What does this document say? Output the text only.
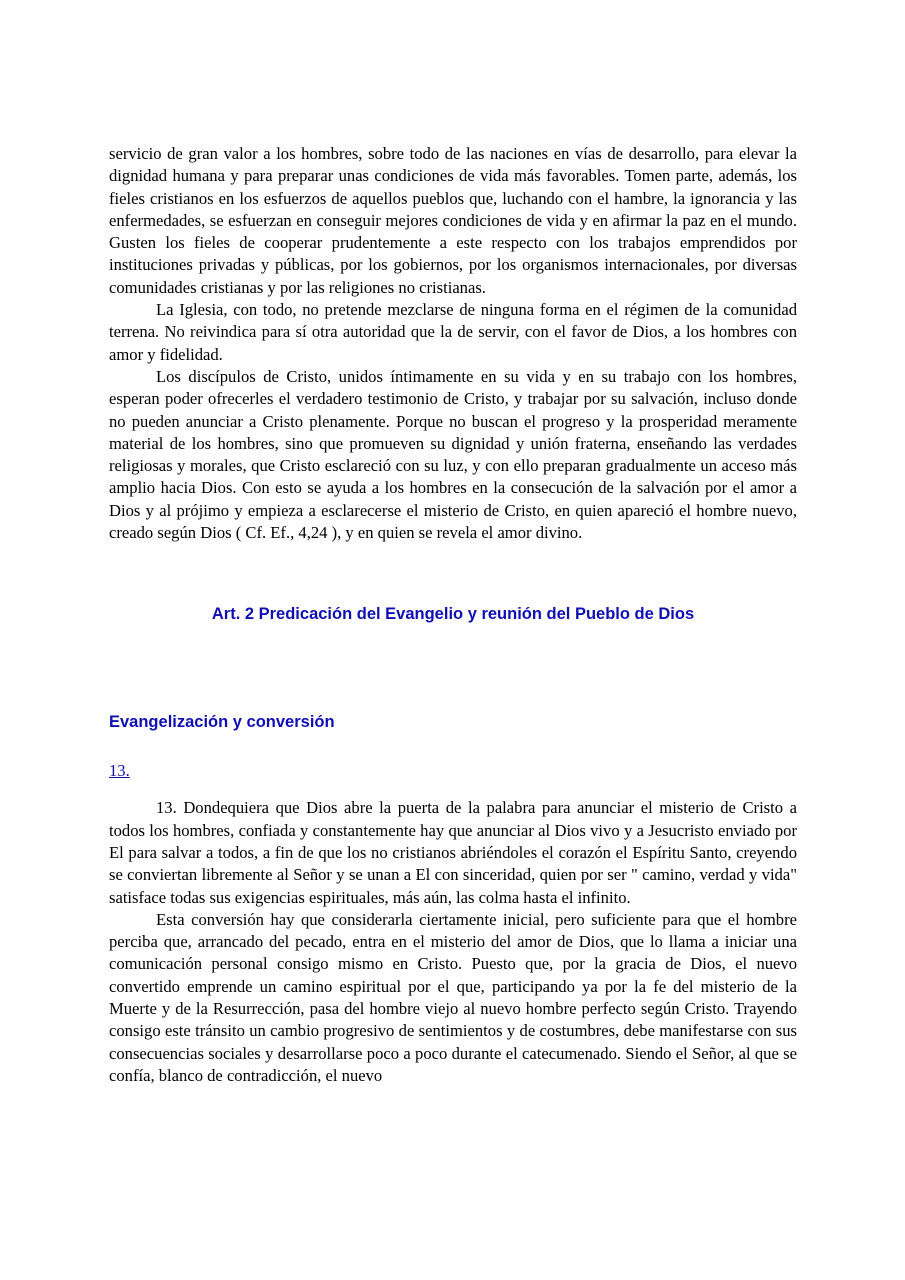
servicio de gran valor a los hombres, sobre todo de las naciones en vías de desarrollo, para elevar la dignidad humana y para preparar unas condiciones de vida más favorables. Tomen parte, además, los fieles cristianos en los esfuerzos de aquellos pueblos que, luchando con el hambre, la ignorancia y las enfermedades, se esfuerzan en conseguir mejores condiciones de vida y en afirmar la paz en el mundo. Gusten los fieles de cooperar prudentemente a este respecto con los trabajos emprendidos por instituciones privadas y públicas, por los gobiernos, por los organismos internacionales, por diversas comunidades cristianas y por las religiones no cristianas.

La Iglesia, con todo, no pretende mezclarse de ninguna forma en el régimen de la comunidad terrena. No reivindica para sí otra autoridad que la de servir, con el favor de Dios, a los hombres con amor y fidelidad.

Los discípulos de Cristo, unidos íntimamente en su vida y en su trabajo con los hombres, esperan poder ofrecerles el verdadero testimonio de Cristo, y trabajar por su salvación, incluso donde no pueden anunciar a Cristo plenamente. Porque no buscan el progreso y la prosperidad meramente material de los hombres, sino que promueven su dignidad y unión fraterna, enseñando las verdades religiosas y morales, que Cristo esclareció con su luz, y con ello preparan gradualmente un acceso más amplio hacia Dios. Con esto se ayuda a los hombres en la consecución de la salvación por el amor a Dios y al prójimo y empieza a esclarecerse el misterio de Cristo, en quien apareció el hombre nuevo, creado según Dios ( Cf. Ef., 4,24 ), y en quien se revela el amor divino.

Art. 2 Predicación del Evangelio y reunión del Pueblo de Dios
Evangelización y conversión
13.

13. Dondequiera que Dios abre la puerta de la palabra para anunciar el misterio de Cristo a todos los hombres, confiada y constantemente hay que anunciar al Dios vivo y a Jesucristo enviado por El para salvar a todos, a fin de que los no cristianos abriéndoles el corazón el Espíritu Santo, creyendo se conviertan libremente al Señor y se unan a El con sinceridad, quien por ser " camino, verdad y vida" satisface todas sus exigencias espirituales, más aún, las colma hasta el infinito.

Esta conversión hay que considerarla ciertamente inicial, pero suficiente para que el hombre perciba que, arrancado del pecado, entra en el misterio del amor de Dios, que lo llama a iniciar una comunicación personal consigo mismo en Cristo. Puesto que, por la gracia de Dios, el nuevo convertido emprende un camino espiritual por el que, participando ya por la fe del misterio de la Muerte y de la Resurrección, pasa del hombre viejo al nuevo hombre perfecto según Cristo. Trayendo consigo este tránsito un cambio progresivo de sentimientos y de costumbres, debe manifestarse con sus consecuencias sociales y desarrollarse poco a poco durante el catecumenado. Siendo el Señor, al que se confía, blanco de contradicción, el nuevo
